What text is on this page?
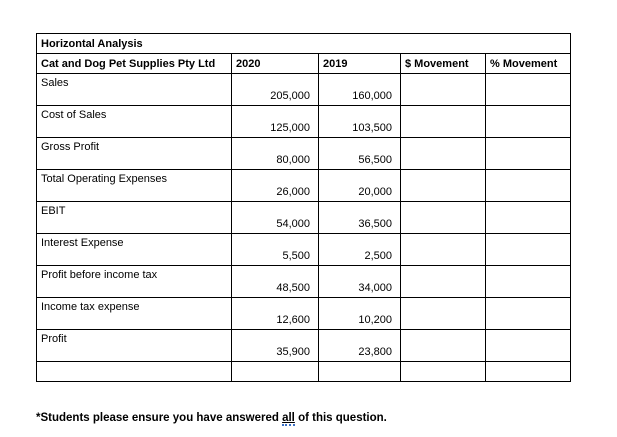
Horizontal Analysis				
Cat and Dog Pet Supplies Pty Ltd	2020	2019	$ Movement	% Movement
Sales	205,000	160,000		
Cost of Sales	125,000	103,500		
Gross Profit	80,000	56,500		
Total Operating Expenses	26,000	20,000		
EBIT	54,000	36,500		
Interest Expense	5,500	2,500		
Profit before income tax	48,500	34,000		
Income tax expense	12,600	10,200		
Profit	35,900	23,800		

*Students please ensure you have answered all of this question.
